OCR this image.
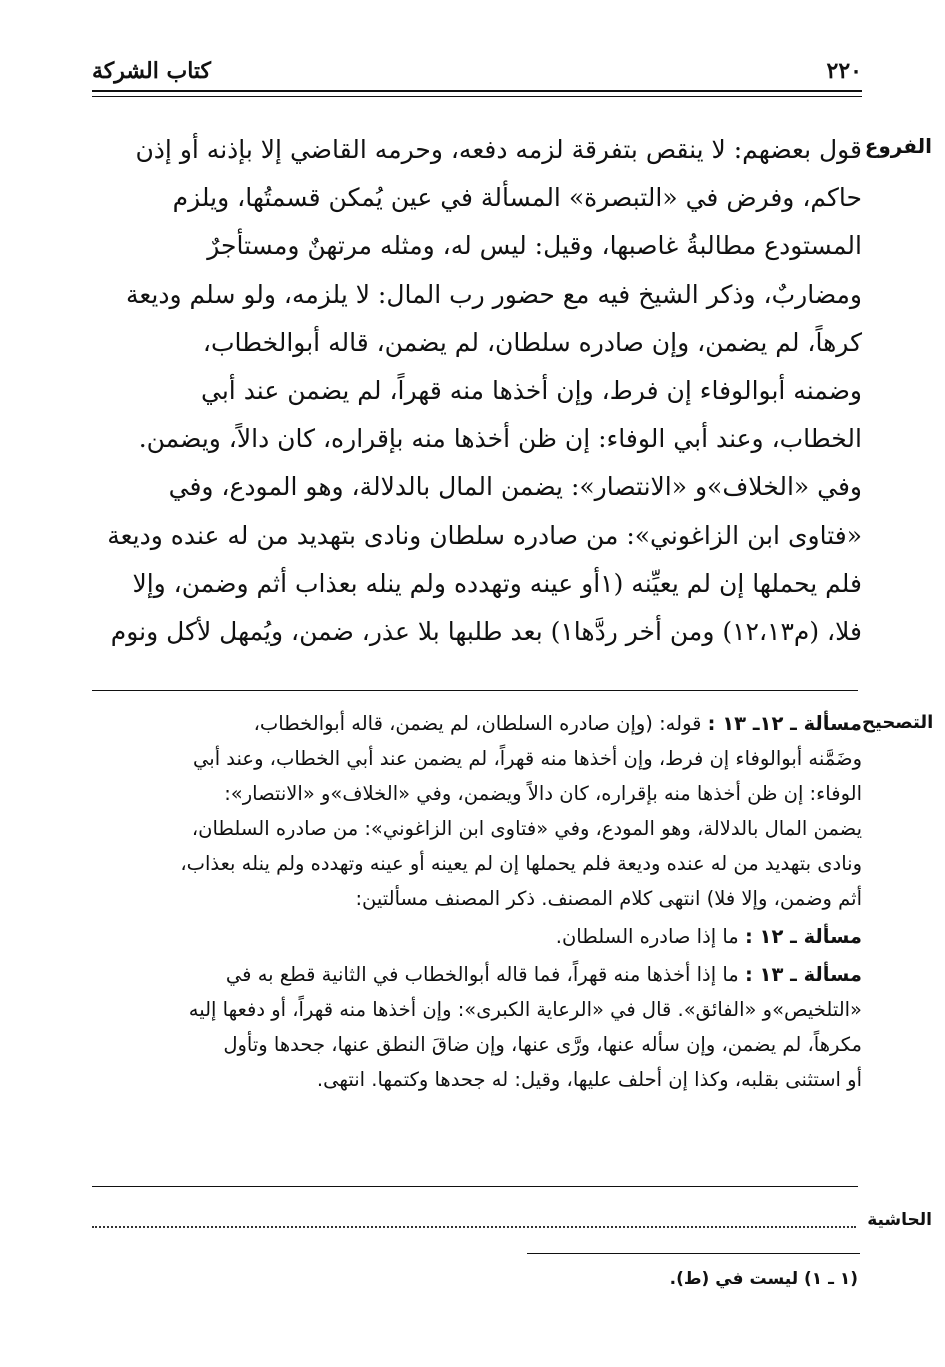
كتاب الشركة	٢٢٠
الفروع
التصحيح
الحاشية

قول بعضهم: لا ينقص بتفرقة لزمه دفعه، وحرمه القاضي إلا بإذنه أو إذن

حاكم، وفرض في «التبصرة» المسألة في عين يُمكن قسمتُها، ويلزم

المستودع مطالبةُ غاصبها، وقيل: ليس له، ومثله مرتهنٌ ومستأجرٌ

ومضاربٌ، وذكر الشيخ فيه مع حضور رب المال: لا يلزمه، ولو سلم وديعة

كرهاً، لم يضمن، وإن صادره سلطان، لم يضمن، قاله أبوالخطاب،

وضمنه أبوالوفاء إن فرط، وإن أخذها منه قهراً، لم يضمن عند أبي

الخطاب، وعند أبي الوفاء: إن ظن أخذها منه بإقراره، كان دالاً، ويضمن.

وفي «الخلاف»و «الانتصار»: يضمن المال بالدلالة، وهو المودع، وفي

«فتاوى ابن الزاغوني»: من صادره سلطان ونادى بتهديد من له عنده وديعة

فلم يحملها إن لم يعيِّنه (١أو عينه وتهدده ولم ينله بعذاب أثم وضمن، وإلا

فلا، (م١٢،١٣) ومن أخر ردَّها١) بعد طلبها بلا عذر، ضمن، ويُمهل لأكل ونوم

مسألة ـ ١٢ـ ١٣ : قوله: (وإن صادره السلطان، لم يضمن، قاله أبوالخطاب،

وضَمَّنه أبوالوفاء إن فرط، وإن أخذها منه قهراً، لم يضمن عند أبي الخطاب، وعند أبي

الوفاء: إن ظن أخذها منه بإقراره، كان دالاً ويضمن، وفي «الخلاف»و «الانتصار»:

يضمن المال بالدلالة، وهو المودع، وفي «فتاوى ابن الزاغوني»: من صادره السلطان،

ونادى بتهديد من له عنده وديعة فلم يحملها إن لم يعينه أو عينه وتهدده ولم ينله بعذاب،

أثم وضمن، وإلا فلا) انتهى كلام المصنف. ذكر المصنف مسألتين:

مسألة ـ ١٢ : ما إذا صادره السلطان.

مسألة ـ ١٣ : ما إذا أخذها منه قهراً، فما قاله أبوالخطاب في الثانية قطع به في

«التلخيص»و «الفائق». قال في «الرعاية الكبرى»: وإن أخذها منه قهراً، أو دفعها إليه

مكرهاً، لم يضمن، وإن سأله عنها، ورَّى عنها، وإن ضاقَ النطق عنها، جحدها وتأول

أو استثنى بقلبه، وكذا إن أحلف عليها، وقيل: له جحدها وكتمها. انتهى.

(١ ـ ١) ليست في (ط).
